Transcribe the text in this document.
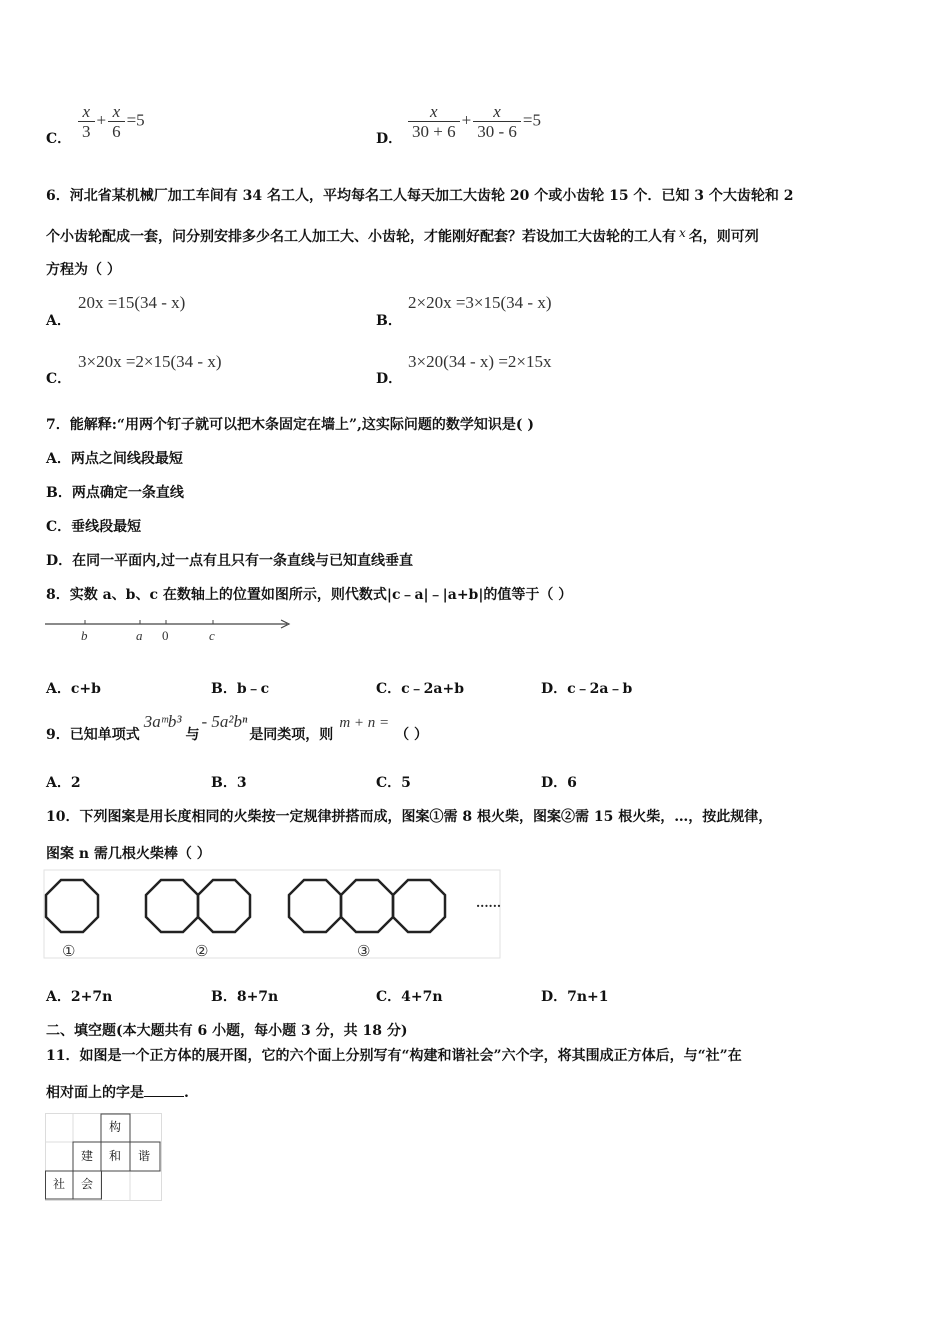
C． $\frac{x}{3} + \frac{x}{6} =5$
D． $\frac{x}{30 + 6} + \frac{x}{30 - 6} =5$
6．河北省某机械厂加工车间有 34 名工人，平均每名工人每天加工大齿轮 20 个或小齿轮 15 个．已知 3 个大齿轮和 2
个小齿轮配成一套，问分别安排多少名工人加工大、小齿轮，才能刚好配套？若设加工大齿轮的工人有 x 名，则可列
方程为（ ）
A．
20x =15(34 - x)
B．
2×20x =3×15(34 - x)
C．
3×20x =2×15(34 - x)
D．
3×20(34 - x) =2×15x
7．能解释:“用两个钉子就可以把木条固定在墙上”,这实际问题的数学知识是( )
A．两点之间线段最短
B．两点确定一条直线
C．垂线段最短
D．在同一平面内,过一点有且只有一条直线与已知直线垂直
8．实数 a、b、c 在数轴上的位置如图所示，则代数式|c﹣a|﹣|a+b|的值等于（ ）
b	a 0	c
A．c+b	B．b﹣c	C．c﹣2a+b	D．c﹣2a﹣b
9．已知单项式3aᵐb³与- 5a²bⁿ是同类项，则m + n =（ ）
A．2	B．3	C．5	D．6
10．下列图案是用长度相同的火柴按一定规律拼搭而成，图案①需 8 根火柴，图案②需 15 根火柴，…，按此规律，
图案 n 需几根火柴棒（ ）
......
①	②	③
A．2+7n	B．8+7n	C．4+7n	D．7n+1
二、填空题(本大题共有 6 小题，每小题 3 分，共 18 分)
11．如图是一个正方体的展开图，它的六个面上分别写有“构建和谐社会”六个字，将其围成正方体后，与“社”在
相对面上的字是	.
构
建	和	谐
社	会
